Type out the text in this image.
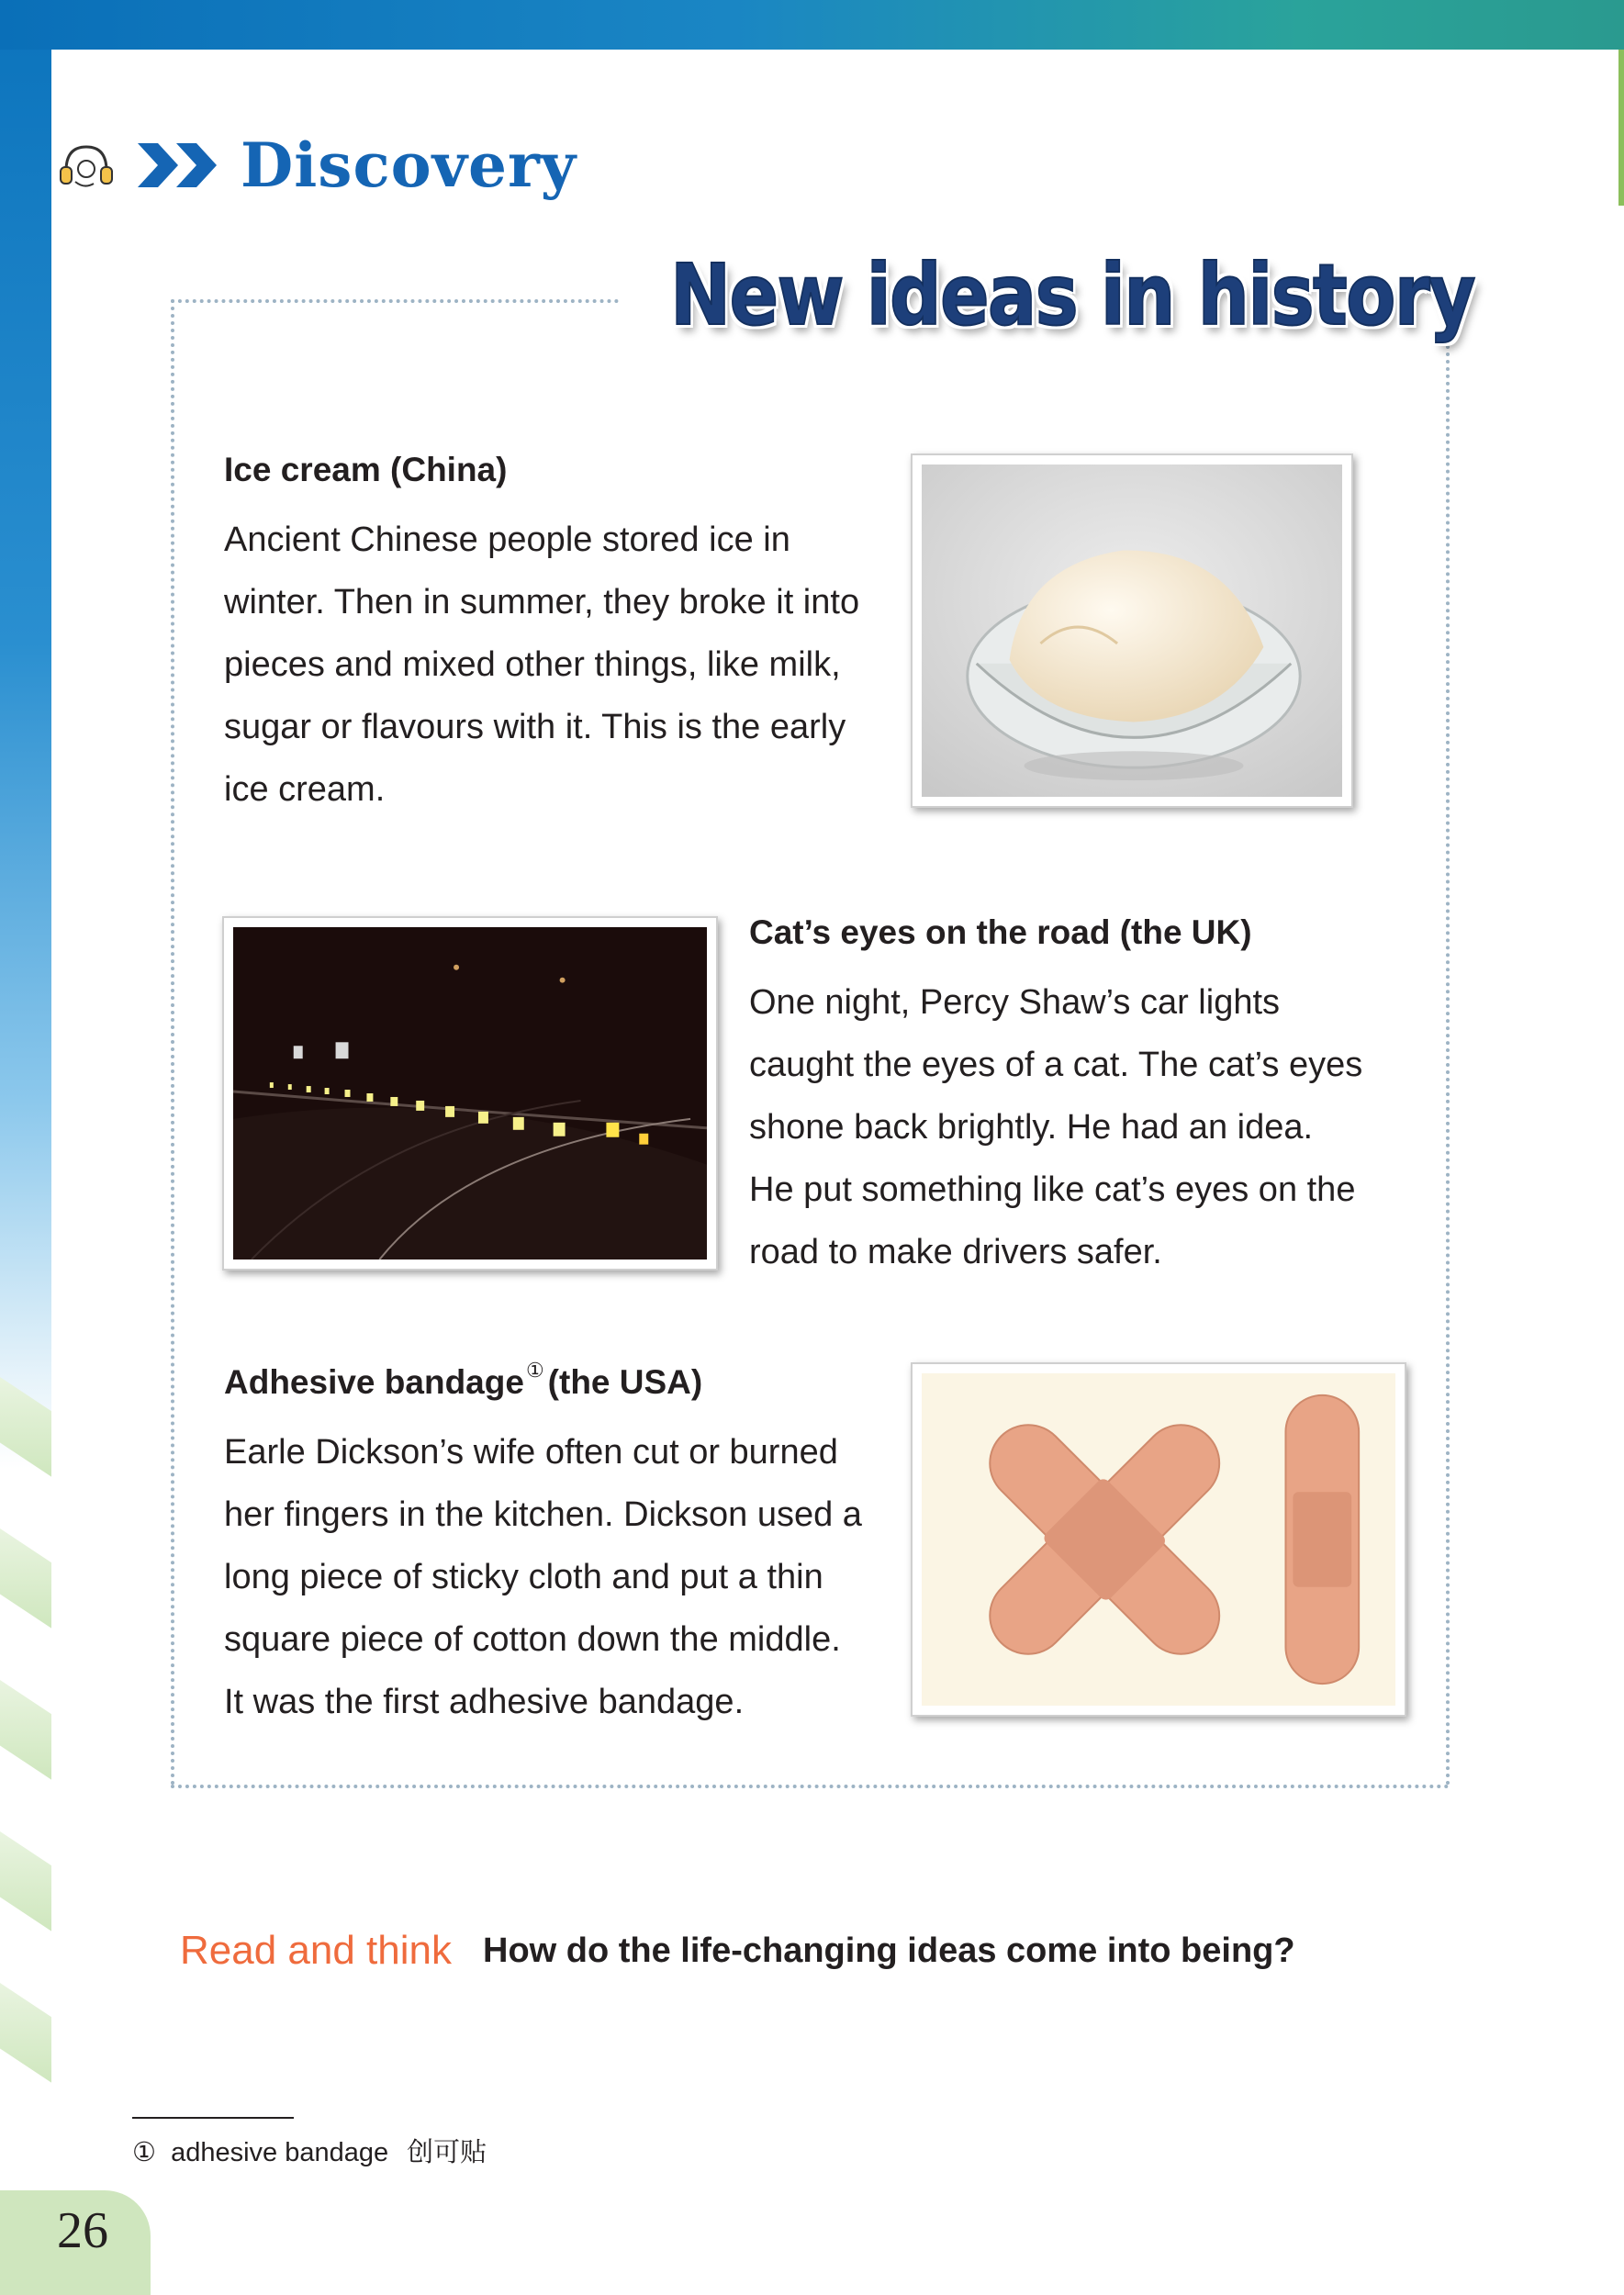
Discovery
New ideas in history
Ice cream (China)

Ancient Chinese people stored ice in

winter. Then in summer, they broke it into

pieces and mixed other things, like milk,

sugar or flavours with it. This is the early

ice cream.

Cat’s eyes on the road (the UK)

One night, Percy Shaw’s car lights

caught the eyes of a cat. The cat’s eyes

shone back brightly. He had an idea.

He put something like cat’s eyes on the

road to make drivers safer.

Adhesive bandage① (the USA)

Earle Dickson’s wife often cut or burned

her fingers in the kitchen. Dickson used a

long piece of sticky cloth and put a thin

square piece of cotton down the middle.

It was the first adhesive bandage.

Read and think How do the life-changing ideas come into being?
① adhesive bandage 创可贴
26
